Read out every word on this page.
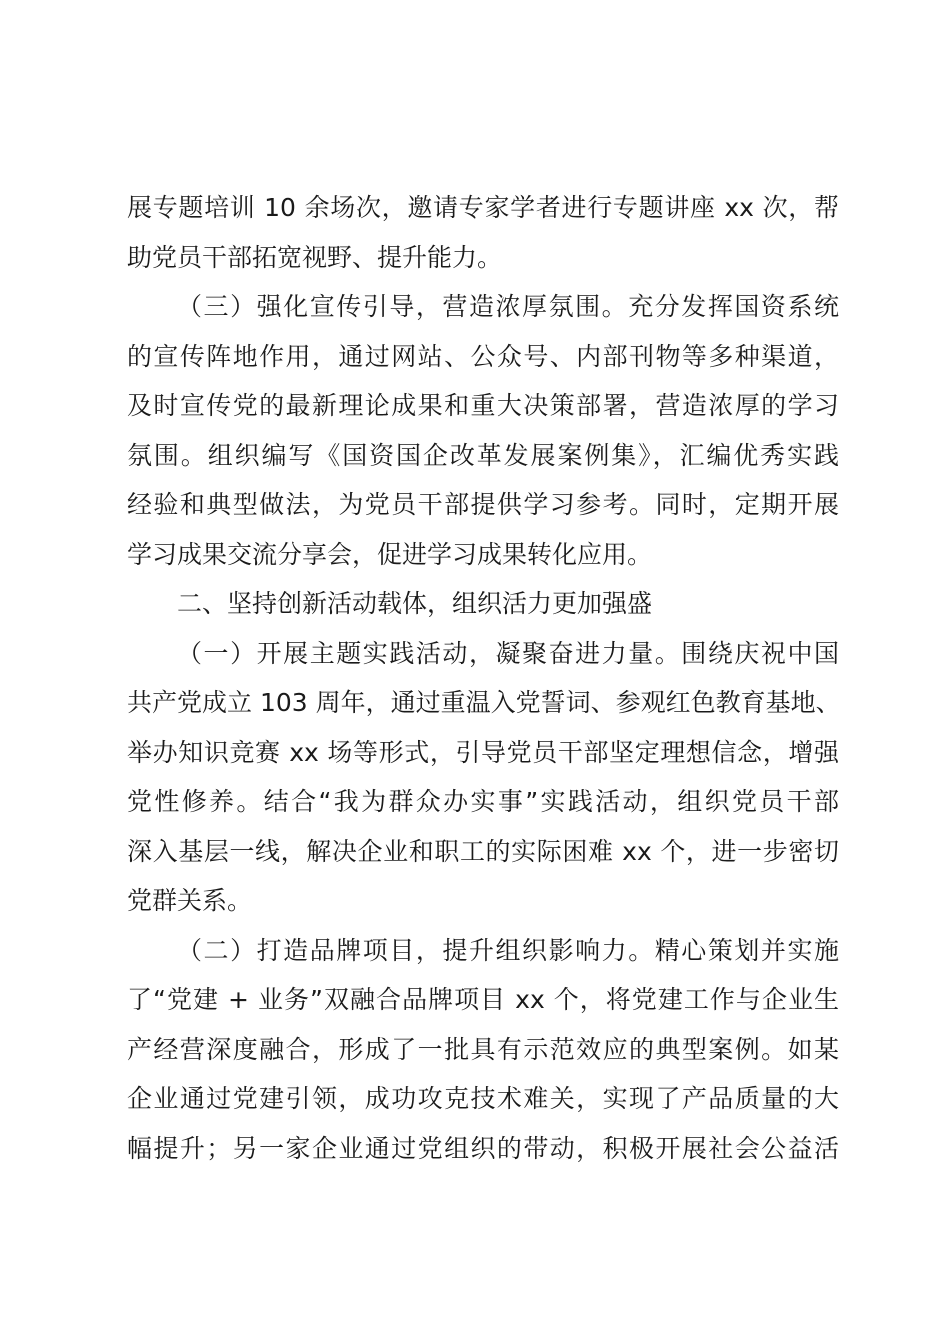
展专题培训 10 余场次，邀请专家学者进行专题讲座 xx 次，帮
助党员干部拓宽视野、提升能力。
（三）强化宣传引导，营造浓厚氛围。充分发挥国资系统
的宣传阵地作用，通过网站、公众号、内部刊物等多种渠道，
及时宣传党的最新理论成果和重大决策部署，营造浓厚的学习
氛围。组织编写《国资国企改革发展案例集》，汇编优秀实践
经验和典型做法，为党员干部提供学习参考。同时，定期开展
学习成果交流分享会，促进学习成果转化应用。
二、坚持创新活动载体，组织活力更加强盛
（一）开展主题实践活动，凝聚奋进力量。围绕庆祝中国
共产党成立 103 周年，通过重温入党誓词、参观红色教育基地、
举办知识竞赛 xx 场等形式，引导党员干部坚定理想信念，增强
党性修养。结合“我为群众办实事”实践活动，组织党员干部
深入基层一线，解决企业和职工的实际困难 xx 个，进一步密切
党群关系。
（二）打造品牌项目，提升组织影响力。精心策划并实施
了“党建 + 业务”双融合品牌项目 xx 个，将党建工作与企业生
产经营深度融合，形成了一批具有示范效应的典型案例。如某
企业通过党建引领，成功攻克技术难关，实现了产品质量的大
幅提升；另一家企业通过党组织的带动，积极开展社会公益活
